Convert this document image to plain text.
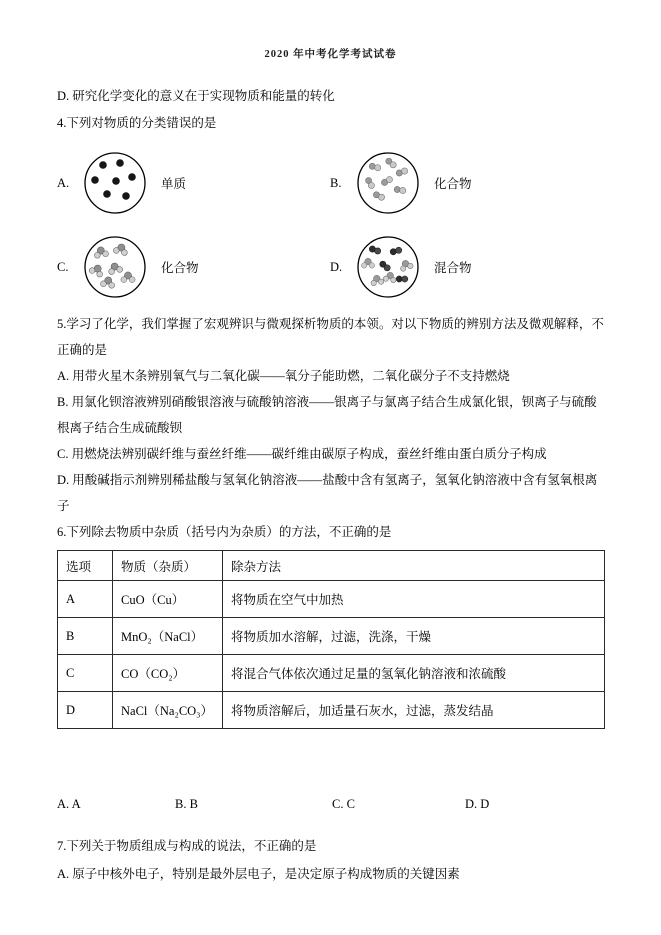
2020 年中考化学考试试卷

D. 研究化学变化的意义在于实现物质和能量的转化

4.下列对物质的分类错误的是

A.	单质	B.	化合物
C.	化合物	D.	混合物

5.学习了化学，我们掌握了宏观辨识与微观探析物质的本领。对以下物质的辨别方法及微观解释，不正确的是

A. 用带火星木条辨别氧气与二氧化碳――氧分子能助燃，二氧化碳分子不支持燃烧

B. 用氯化钡溶液辨别硝酸银溶液与硫酸钠溶液――银离子与氯离子结合生成氯化银，钡离子与硫酸根离子结合生成硫酸钡

C. 用燃烧法辨别碳纤维与蚕丝纤维——碳纤维由碳原子构成，蚕丝纤维由蛋白质分子构成

D. 用酸碱指示剂辨别稀盐酸与氢氧化钠溶液――盐酸中含有氢离子，氢氧化钠溶液中含有氢氧根离子

6.下列除去物质中杂质（括号内为杂质）的方法，不正确的是

选项	物质（杂质）	除杂方法
A	CuO（Cu）	将物质在空气中加热
B	MnO₂（NaCl）	将物质加水溶解，过滤，洗涤，干燥
C	CO（CO₂）	将混合气体依次通过足量的氢氧化钠溶液和浓硫酸
D	NaCl（Na₂CO₃）	将物质溶解后，加适量石灰水，过滤，蒸发结晶
A. A	B. B	C. C	D. D

7.下列关于物质组成与构成的说法，不正确的是

A. 原子中核外电子，特别是最外层电子，是决定原子构成物质的关键因素
